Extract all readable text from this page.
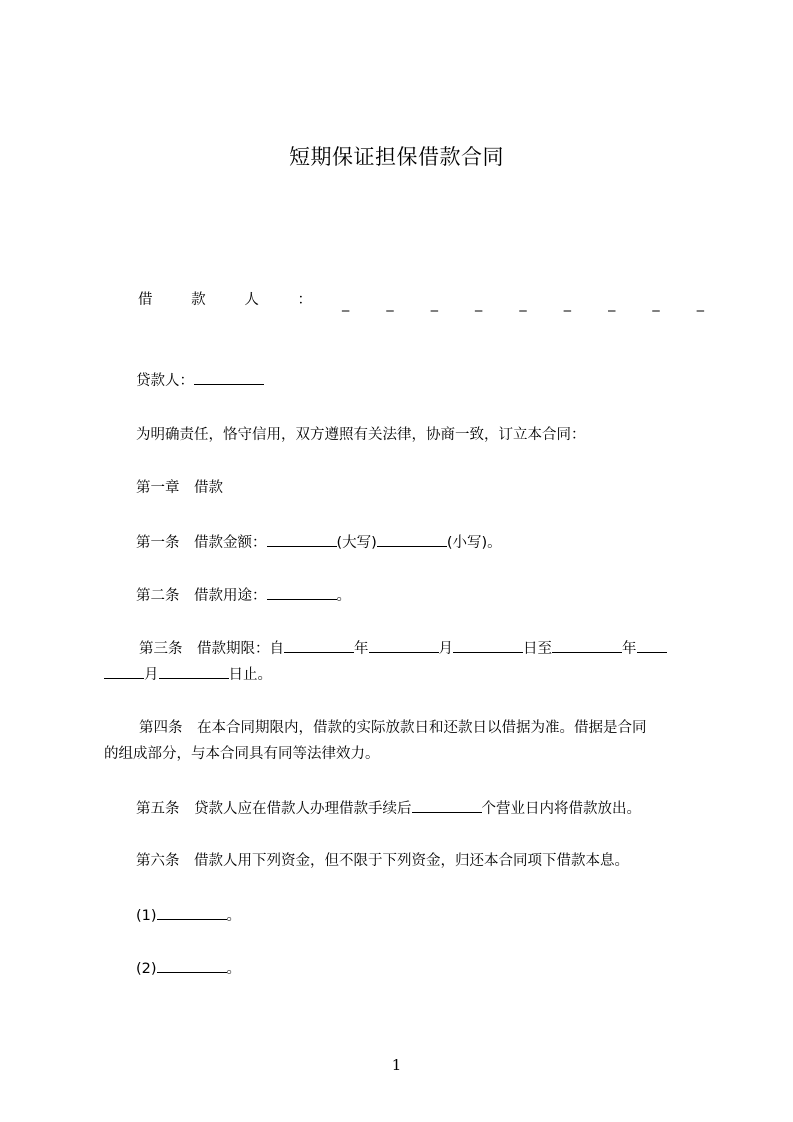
短期保证担保借款合同
借	款	人	： _	_	_	_	_	_	_	_	_
贷款人：
为明确责任，恪守信用，双方遵照有关法律，协商一致，订立本合同：
第一章　借款
第一条　借款金额：	(大写)	(小写)。
第二条　借款用途：	。
第三条　借款期限：自	年	月	日至	年
月	日止。
第四条　在本合同期限内，借款的实际放款日和还款日以借据为准。借据是合同
的组成部分，与本合同具有同等法律效力。
第五条　贷款人应在借款人办理借款手续后	个营业日内将借款放出。
第六条　借款人用下列资金，但不限于下列资金，归还本合同项下借款本息。
(1)	。
(2)	。
1
